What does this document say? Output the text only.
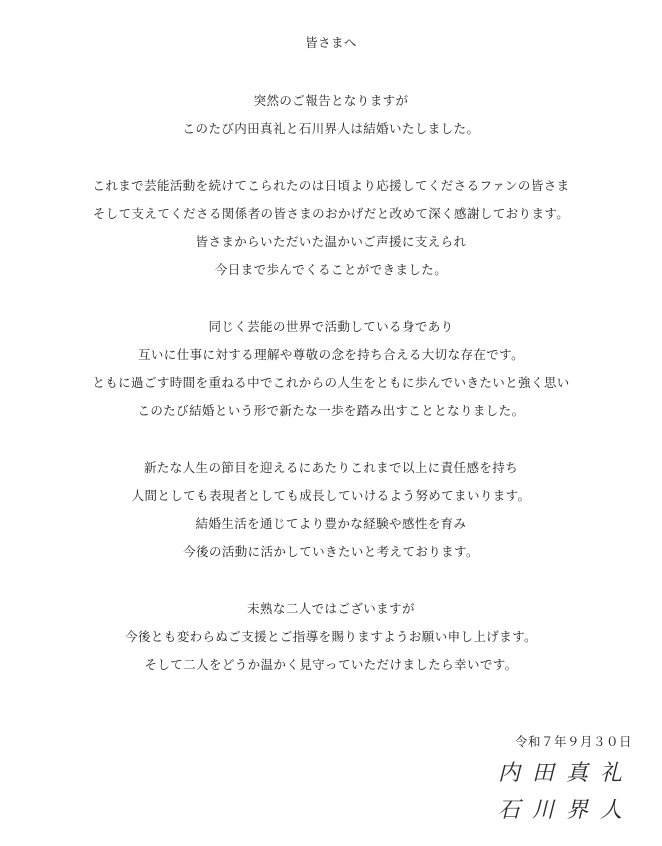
皆さまへ
突然のご報告となりますが
このたび内田真礼と石川界人は結婚いたしました。
これまで芸能活動を続けてこられたのは日頃より応援してくださるファンの皆さま
そして支えてくださる関係者の皆さまのおかげだと改めて深く感謝しております。
皆さまからいただいた温かいご声援に支えられ
今日まで歩んでくることができました。
同じく芸能の世界で活動している身であり
互いに仕事に対する理解や尊敬の念を持ち合える大切な存在です。
ともに過ごす時間を重ねる中でこれからの人生をともに歩んでいきたいと強く思い
このたび結婚という形で新たな一歩を踏み出すこととなりました。
新たな人生の節目を迎えるにあたりこれまで以上に責任感を持ち
人間としても表現者としても成長していけるよう努めてまいります。
結婚生活を通じてより豊かな経験や感性を育み
今後の活動に活かしていきたいと考えております。
未熟な二人ではございますが
今後とも変わらぬご支援とご指導を賜りますようお願い申し上げます。
そして二人をどうか温かく見守っていただけましたら幸いです。
令和７年９月３０日
内田真礼
石川界人
